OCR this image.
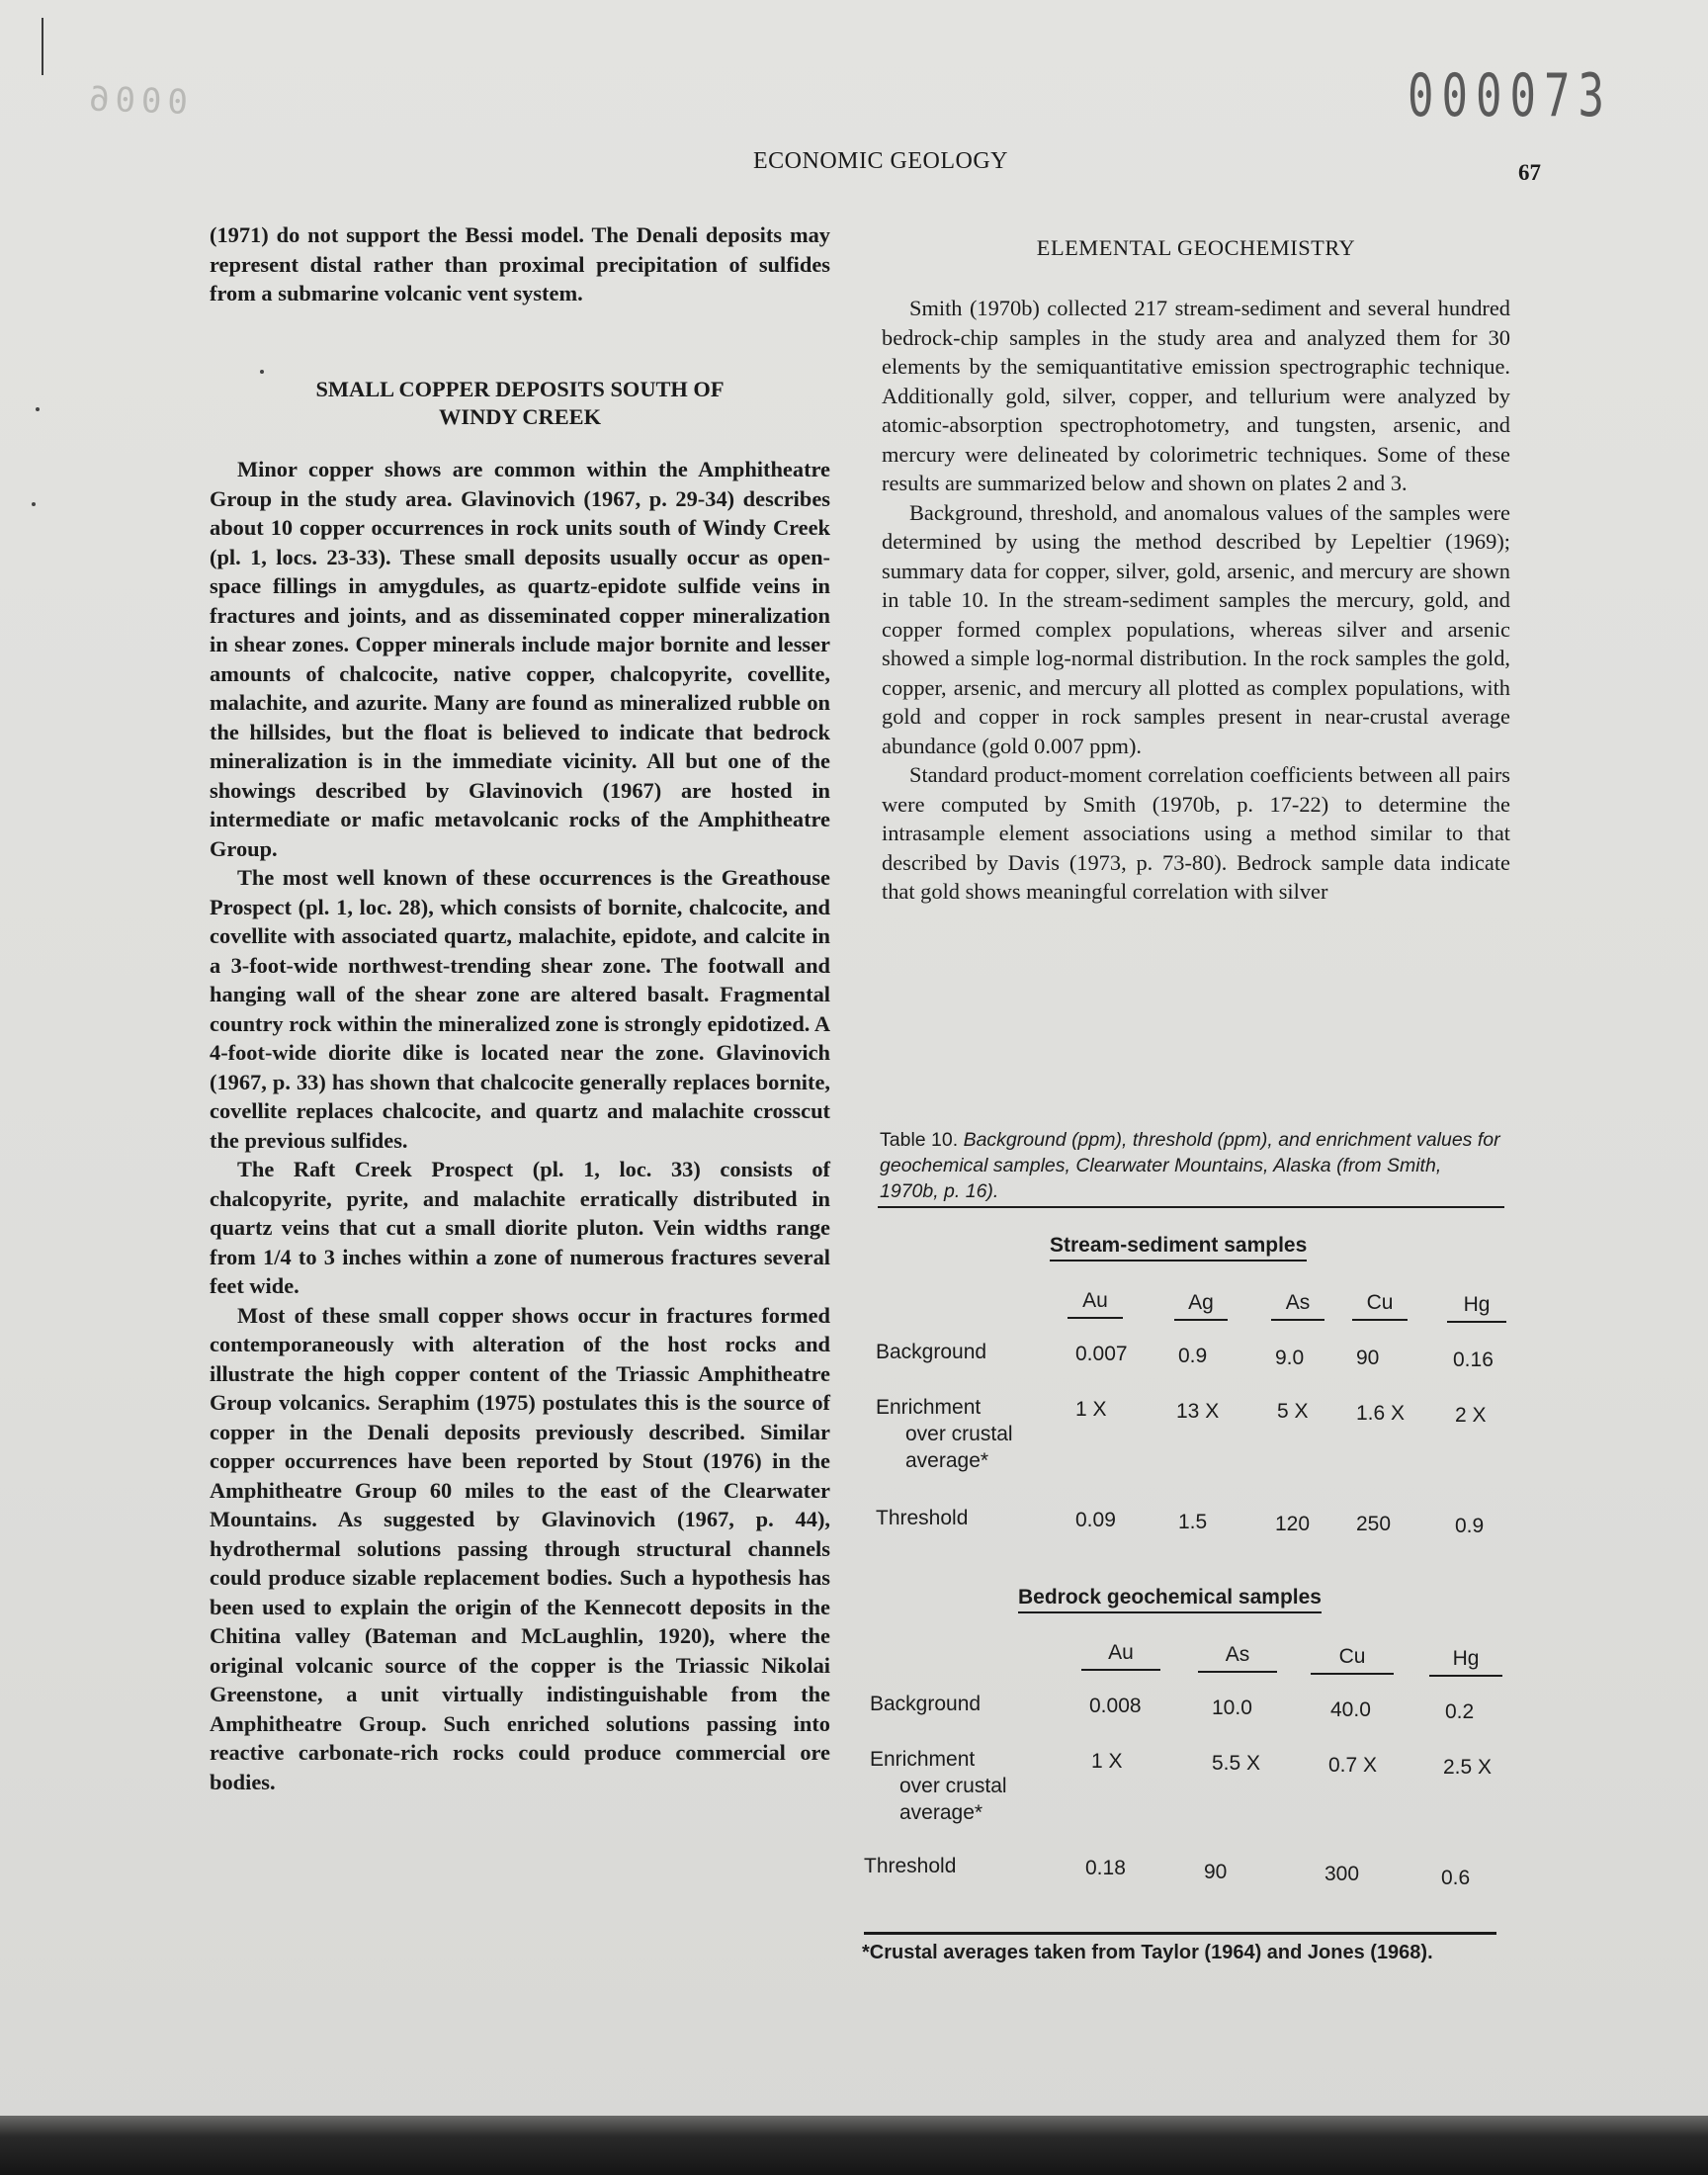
0006	000073
ECONOMIC GEOLOGY	67

(1971) do not support the Bessi model. The Denali deposits may represent distal rather than proximal precipitation of sulfides from a submarine volcanic vent system.

SMALL COPPER DEPOSITS SOUTH OF

WINDY CREEK

Minor copper shows are common within the Amphitheatre Group in the study area. Glavinovich (1967, p. 29-34) describes about 10 copper occurrences in rock units south of Windy Creek (pl. 1, locs. 23-33). These small deposits usually occur as open-space fillings in amygdules, as quartz-epidote sulfide veins in fractures and joints, and as disseminated copper mineralization in shear zones. Copper minerals include major bornite and lesser amounts of chalcocite, native copper, chalcopyrite, covellite, malachite, and azurite. Many are found as mineralized rubble on the hillsides, but the float is believed to indicate that bedrock mineralization is in the immediate vicinity. All but one of the showings described by Glavinovich (1967) are hosted in intermediate or mafic metavolcanic rocks of the Amphitheatre Group.

The most well known of these occurrences is the Greathouse Prospect (pl. 1, loc. 28), which consists of bornite, chalcocite, and covellite with associated quartz, malachite, epidote, and calcite in a 3-foot-wide northwest-trending shear zone. The footwall and hanging wall of the shear zone are altered basalt. Fragmental country rock within the mineralized zone is strongly epidotized. A 4-foot-wide diorite dike is located near the zone. Glavinovich (1967, p. 33) has shown that chalcocite generally replaces bornite, covellite replaces chalcocite, and quartz and malachite crosscut the previous sulfides.

The Raft Creek Prospect (pl. 1, loc. 33) consists of chalcopyrite, pyrite, and malachite erratically distributed in quartz veins that cut a small diorite pluton. Vein widths range from 1/4 to 3 inches within a zone of numerous fractures several feet wide.

Most of these small copper shows occur in fractures formed contemporaneously with alteration of the host rocks and illustrate the high copper content of the Triassic Amphitheatre Group volcanics. Seraphim (1975) postulates this is the source of copper in the Denali deposits previously described. Similar copper occurrences have been reported by Stout (1976) in the Amphitheatre Group 60 miles to the east of the Clearwater Mountains. As suggested by Glavinovich (1967, p. 44), hydrothermal solutions passing through structural channels could produce sizable replacement bodies. Such a hypothesis has been used to explain the origin of the Kennecott deposits in the Chitina valley (Bateman and McLaughlin, 1920), where the original volcanic source of the copper is the Triassic Nikolai Greenstone, a unit virtually indistinguishable from the Amphitheatre Group. Such enriched solutions passing into reactive carbonate-rich rocks could produce commercial ore bodies.

ELEMENTAL GEOCHEMISTRY

Smith (1970b) collected 217 stream-sediment and several hundred bedrock-chip samples in the study area and analyzed them for 30 elements by the semiquantitative emission spectrographic technique. Additionally gold, silver, copper, and tellurium were analyzed by atomic-absorption spectrophotometry, and tungsten, arsenic, and mercury were delineated by colorimetric techniques. Some of these results are summarized below and shown on plates 2 and 3.

Background, threshold, and anomalous values of the samples were determined by using the method described by Lepeltier (1969); summary data for copper, silver, gold, arsenic, and mercury are shown in table 10. In the stream-sediment samples the mercury, gold, and copper formed complex populations, whereas silver and arsenic showed a simple log-normal distribution. In the rock samples the gold, copper, arsenic, and mercury all plotted as complex populations, with gold and copper in rock samples present in near-crustal average abundance (gold 0.007 ppm).

Standard product-moment correlation coefficients between all pairs were computed by Smith (1970b, p. 17-22) to determine the intrasample element associations using a method similar to that described by Davis (1973, p. 73-80). Bedrock sample data indicate that gold shows meaningful correlation with silver

Table 10. Background (ppm), threshold (ppm), and enrichment values for geochemical samples, Clearwater Mountains, Alaska (from Smith, 1970b, p. 16).
Stream-sediment samples
Au	Ag	As	Cu	Hg
Background	0.007 0.9	9.0	90	0.16
Enrichment
over crustal
average*
1 X	13 X	5 X 1.6 X 2 X
Threshold	0.09	1.5	120 250	0.9
Bedrock geochemical samples
Au	As	Cu	Hg
Background	0.008	10.0	40.0	0.2
Enrichment
over crustal
average*
1 X	5.5 X	0.7 X	2.5 X
Threshold	0.18	90	300	0.6
*Crustal averages taken from Taylor (1964) and Jones (1968).
